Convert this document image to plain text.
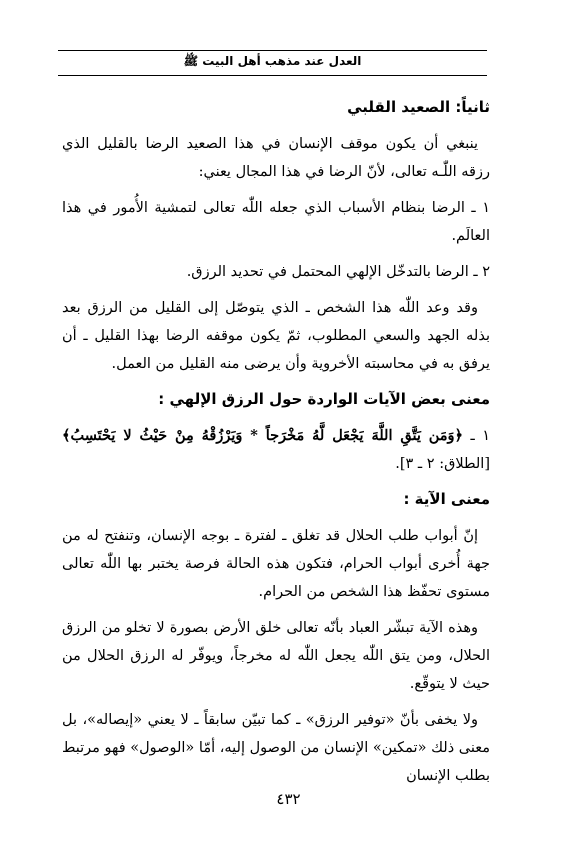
العدل عند مذهب أهل البيت ﷺ
ثانياً: الصعيد القلبي

ينبغي أن يكون موقف الإنسان في هذا الصعيد الرضا بالقليل الذي رزقه اللّٰـه تعالى، لأنّ الرضا في هذا المجال يعني:

١ ـ الرضا بنظام الأسباب الذي جعله اللّٰه تعالى لتمشية الأُمور في هذا العالَم.

٢ ـ الرضا بالتدخّل الإلهي المحتمل في تحديد الرزق.

وقد وعد اللّٰه هذا الشخص ـ الذي يتوصّل إلى القليل من الرزق بعد بذله الجهد والسعي المطلوب، ثمّ يكون موقفه الرضا بهذا القليل ـ أن يرفق به في محاسبته الأخروية وأن يرضى منه القليل من العمل.

معنى بعض الآيات الواردة حول الرزق الإلهي :

١ ـ ﴿وَمَن يَتَّقِ اللَّهَ يَجْعَل لَّهُ مَخْرَجاً * وَيَرْزُقْهُ مِنْ حَيْثُ لا يَحْتَسِبُ﴾ [الطلاق: ٢ ـ ٣].

معنى الآية :

إنّ أبواب طلب الحلال قد تغلق ـ لفترة ـ بوجه الإنسان، وتنفتح له من جهة أُخرى أبواب الحرام، فتكون هذه الحالة فرصة يختبر بها اللّٰه تعالى مستوى تحفّظ هذا الشخص من الحرام.

وهذه الآية تبشّر العباد بأنّه تعالى خلق الأرض بصورة لا تخلو من الرزق الحلال، ومن يتق اللّٰه يجعل اللّٰه له مخرجاً، ويوفّر له الرزق الحلال من حيث لا يتوقّع.

ولا يخفى بأنّ «توفير الرزق» ـ كما تبيّن سابقاً ـ لا يعني «إيصاله»، بل معنى ذلك «تمكين» الإنسان من الوصول إليه، أمّا «الوصول» فهو مرتبط بطلب الإنسان

٤٣٢
